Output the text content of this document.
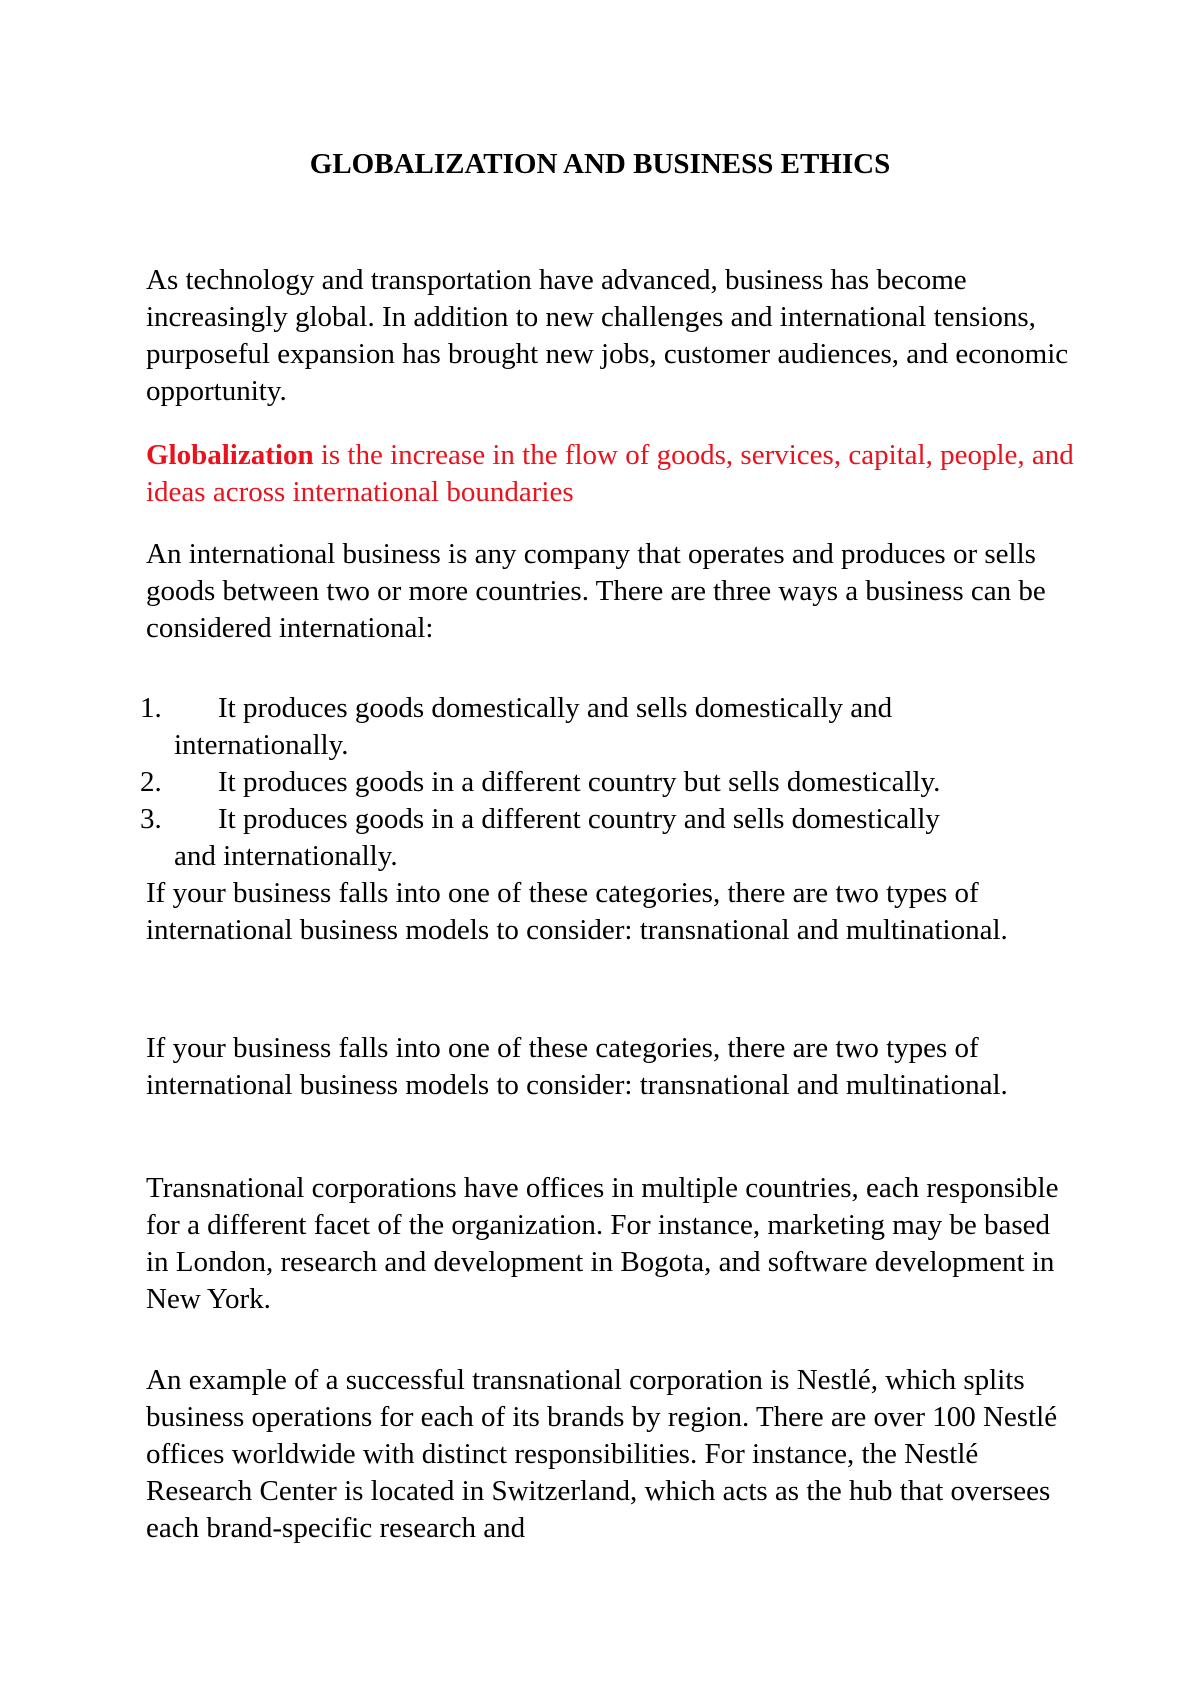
GLOBALIZATION AND BUSINESS ETHICS

As technology and transportation have advanced, business has become increasingly global. In addition to new challenges and international tensions, purposeful expansion has brought new jobs, customer audiences, and economic opportunity.

Globalization is the increase in the flow of goods, services, capital, people, and ideas across international boundaries

An international business is any company that operates and produces or sells goods between two or more countries. There are three ways a business can be considered international:

1. It produces goods domestically and sells domestically and
internationally.
2. It produces goods in a different country but sells domestically.
3. It produces goods in a different country and sells domestically
and internationally.

If your business falls into one of these categories, there are two types of international business models to consider: transnational and multinational.

If your business falls into one of these categories, there are two types of international business models to consider: transnational and multinational.

Transnational corporations have offices in multiple countries, each responsible for a different facet of the organization. For instance, marketing may be based in London, research and development in Bogota, and software development in New York.

An example of a successful transnational corporation is Nestlé, which splits business operations for each of its brands by region. There are over 100 Nestlé offices worldwide with distinct responsibilities. For instance, the Nestlé Research Center is located in Switzerland, which acts as the hub that oversees each brand-specific research and
